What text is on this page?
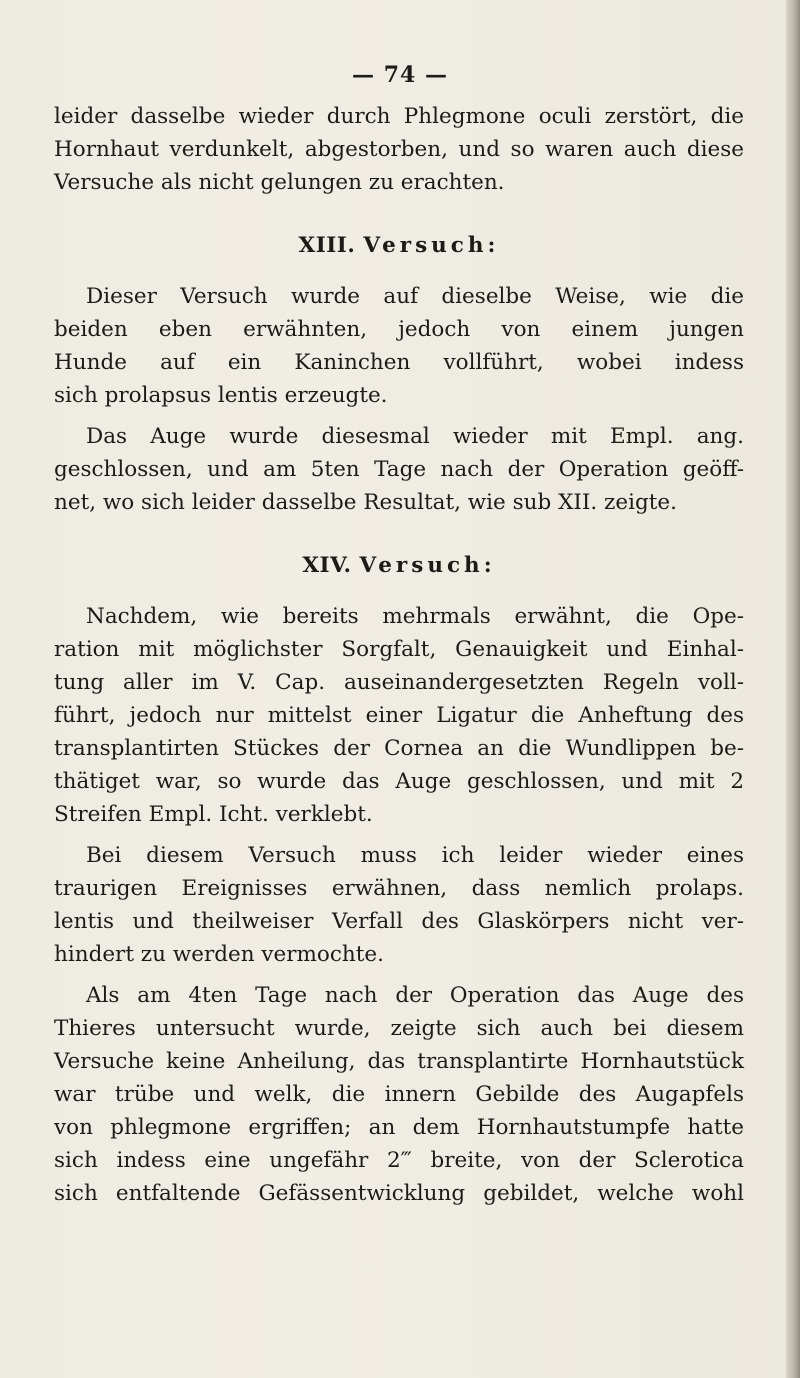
— 74 —
leider dasselbe wieder durch Phlegmone oculi zerstört, die
Hornhaut verdunkelt, abgestorben, und so waren auch diese
Versuche als nicht gelungen zu erachten.
XIII. Versuch:
Dieser Versuch wurde auf dieselbe Weise, wie die
beiden eben erwähnten, jedoch von einem jungen
Hunde auf ein Kaninchen vollführt, wobei indess
sich prolapsus lentis erzeugte.
Das Auge wurde diesesmal wieder mit Empl. ang.
geschlossen, und am 5ten Tage nach der Operation geöff-
net, wo sich leider dasselbe Resultat, wie sub XII. zeigte.
XIV. Versuch:
Nachdem, wie bereits mehrmals erwähnt, die Ope-
ration mit möglichster Sorgfalt, Genauigkeit und Einhal-
tung aller im V. Cap. auseinandergesetzten Regeln voll-
führt, jedoch nur mittelst einer Ligatur die Anheftung des
transplantirten Stückes der Cornea an die Wundlippen be-
thätiget war, so wurde das Auge geschlossen, und mit 2
Streifen Empl. Icht. verklebt.
Bei diesem Versuch muss ich leider wieder eines
traurigen Ereignisses erwähnen, dass nemlich prolaps.
lentis und theilweiser Verfall des Glaskörpers nicht ver-
hindert zu werden vermochte.
Als am 4ten Tage nach der Operation das Auge des
Thieres untersucht wurde, zeigte sich auch bei diesem
Versuche keine Anheilung, das transplantirte Hornhautstück
war trübe und welk, die innern Gebilde des Augapfels
von phlegmone ergriffen; an dem Hornhautstumpfe hatte
sich indess eine ungefähr 2‴ breite, von der Sclerotica
sich entfaltende Gefässentwicklung gebildet, welche wohl
